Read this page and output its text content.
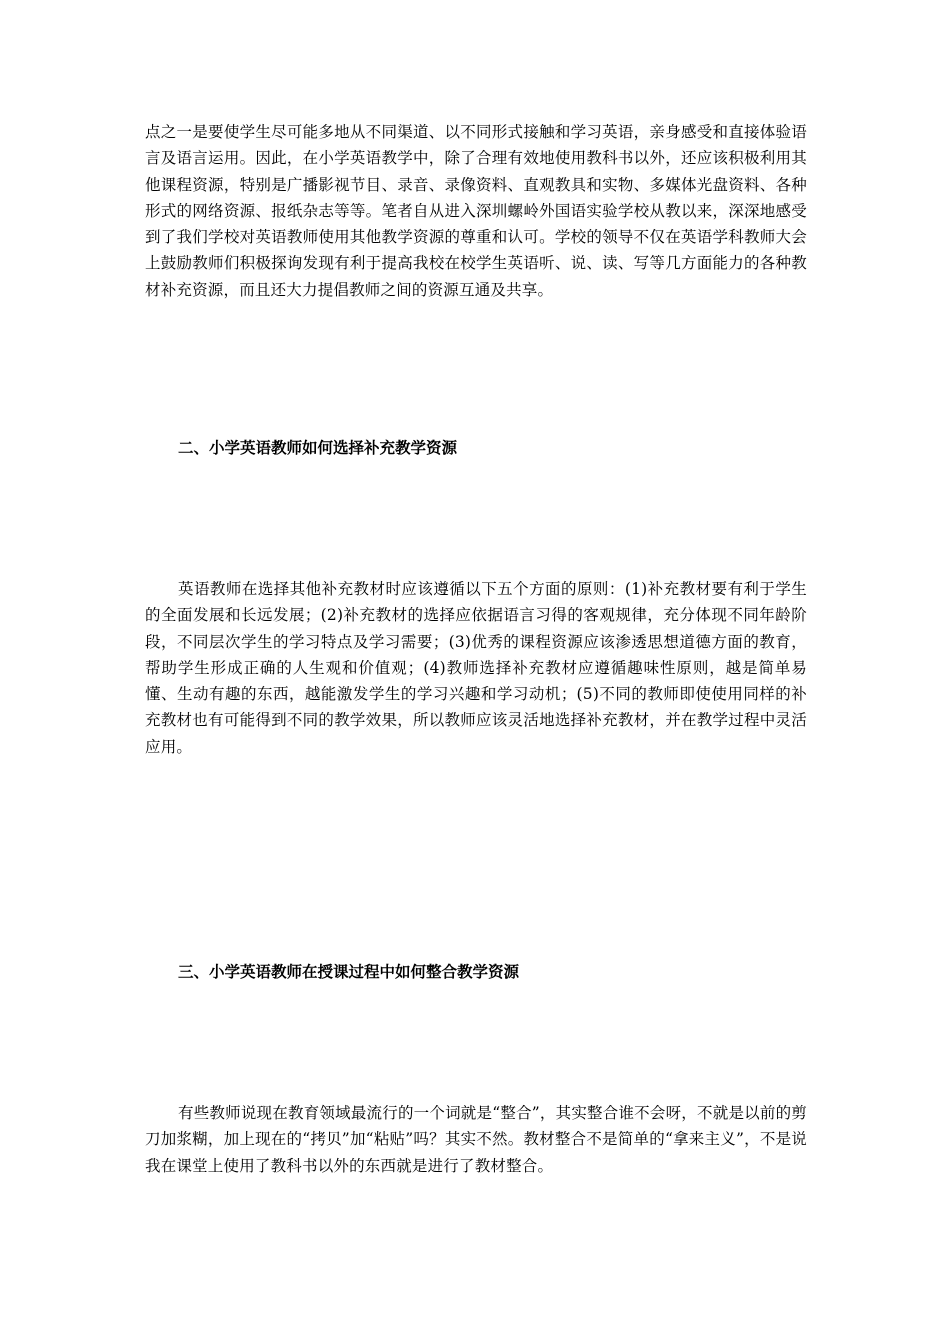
点之一是要使学生尽可能多地从不同渠道、以不同形式接触和学习英语，亲身感受和直接体验语言及语言运用。因此，在小学英语教学中，除了合理有效地使用教科书以外，还应该积极利用其他课程资源，特别是广播影视节目、录音、录像资料、直观教具和实物、多媒体光盘资料、各种形式的网络资源、报纸杂志等等。笔者自从进入深圳螺岭外国语实验学校从教以来，深深地感受到了我们学校对英语教师使用其他教学资源的尊重和认可。学校的领导不仅在英语学科教师大会上鼓励教师们积极探询发现有利于提高我校在校学生英语听、说、读、写等几方面能力的各种教材补充资源，而且还大力提倡教师之间的资源互通及共享。

二、小学英语教师如何选择补充教学资源

英语教师在选择其他补充教材时应该遵循以下五个方面的原则：(1)补充教材要有利于学生的全面发展和长远发展；(2)补充教材的选择应依据语言习得的客观规律，充分体现不同年龄阶段，不同层次学生的学习特点及学习需要；(3)优秀的课程资源应该渗透思想道德方面的教育，帮助学生形成正确的人生观和价值观；(4)教师选择补充教材应遵循趣味性原则，越是简单易懂、生动有趣的东西，越能激发学生的学习兴趣和学习动机；(5)不同的教师即使使用同样的补充教材也有可能得到不同的教学效果，所以教师应该灵活地选择补充教材，并在教学过程中灵活应用。

三、小学英语教师在授课过程中如何整合教学资源

有些教师说现在教育领域最流行的一个词就是“整合”，其实整合谁不会呀，不就是以前的剪刀加浆糊，加上现在的“拷贝”加“粘贴”吗？其实不然。教材整合不是简单的“拿来主义”，不是说我在课堂上使用了教科书以外的东西就是进行了教材整合。
